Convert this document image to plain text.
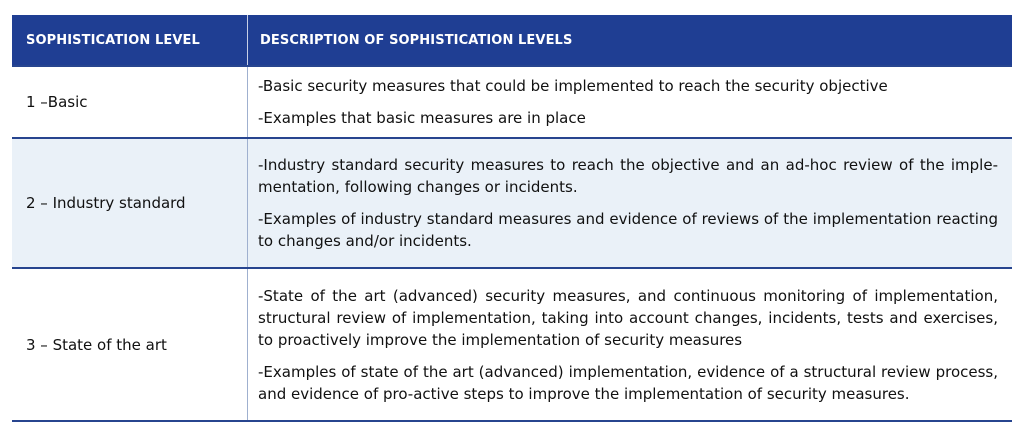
SOPHISTICATION LEVEL	DESCRIPTION OF SOPHISTICATION LEVELS
1 –Basic

-Basic security measures that could be implemented to reach the security objective

-Examples that basic measures are in place

2 – Industry standard

-Industry standard security measures to reach the objective and an ad-hoc review of the implementation, following changes or incidents.

-Examples of industry standard measures and evidence of reviews of the implementation reacting to changes and/or incidents.

3 – State of the art

-State of the art (advanced) security measures, and continuous monitoring of implementation, structural review of implementation, taking into account changes, incidents, tests and exercises, to proactively improve the implementation of security measures

-Examples of state of the art (advanced) implementation, evidence of a structural review process, and evidence of pro-active steps to improve the implementation of security measures.
